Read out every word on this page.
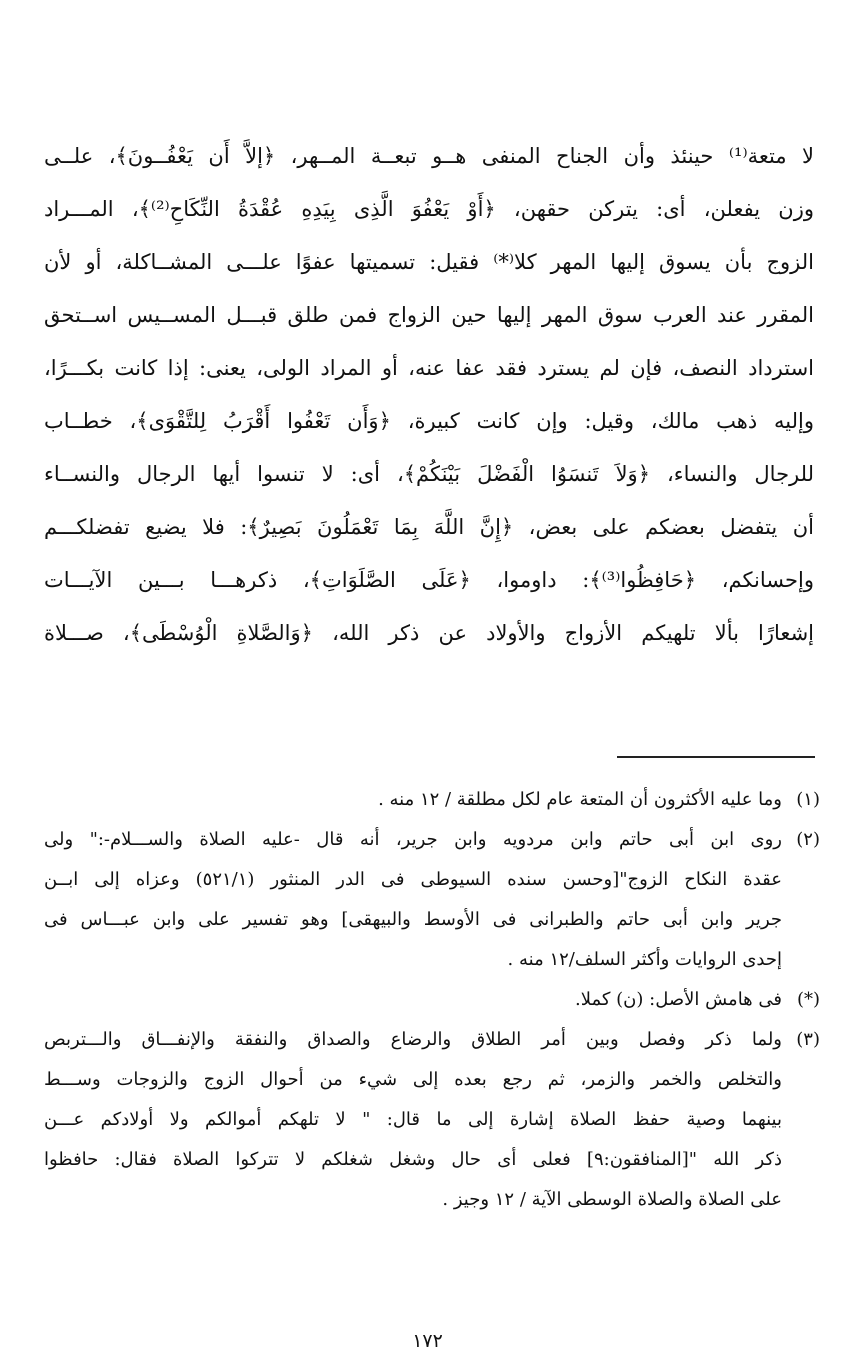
لا متعة⁽¹⁾ حينئذ وأن الجناح المنفى هــو تبعــة المــهر، ﴿إلاَّ أَن يَعْفُــونَ﴾، علــى
وزن يفعلن، أى: يتركن حقهن، ﴿أَوْ يَعْفُوَ الَّذِى بِيَدِهِ عُقْدَةُ النِّكَاحِ⁽²⁾﴾، المـــراد
الزوج بأن يسوق إليها المهر كلا⁽*⁾ فقيل: تسميتها عفوًا علـــى المشــاكلة، أو لأن
المقرر عند العرب سوق المهر إليها حين الزواج فمن طلق قبـــل المســيس اســتحق
استرداد النصف، فإن لم يسترد فقد عفا عنه، أو المراد الولى، يعنى: إذا كانت بكـــرًا،
وإليه ذهب مالك، وقيل: وإن كانت كبيرة، ﴿وَأَن تَعْفُوا أَقْرَبُ لِلتَّقْوَى﴾، خطــاب
للرجال والنساء، ﴿وَلاَ تَنسَوُا الْفَضْلَ بَيْنَكُمْ﴾، أى: لا تنسوا أيها الرجال والنســاء
أن يتفضل بعضكم على بعض، ﴿إِنَّ اللَّهَ بِمَا تَعْمَلُونَ بَصِيرٌ﴾: فلا يضيع تفضلكـــم
وإحسانكم، ﴿حَافِظُوا⁽³⁾﴾: داوموا، ﴿عَلَى الصَّلَوَاتِ﴾، ذكرهـــا بـــين الآيـــات
إشعارًا بألا تلهيكم الأزواج والأولاد عن ذكر الله، ﴿وَالصَّلاةِ الْوُسْطَى﴾، صـــلاة
(١)
وما عليه الأكثرون أن المتعة عام لكل مطلقة / ١٢ منه .
(٢)
روى ابن أبى حاتم وابن مردويه وابن جرير، أنه قال -عليه الصلاة والســـلام-:" ولى
عقدة النكاح الزوج"[وحسن سنده السيوطى فى الدر المنثور (٥٢١/١) وعزاه إلى ابــن
جرير وابن أبى حاتم والطبرانى فى الأوسط والبيهقى] وهو تفسير على وابن عبـــاس فى
إحدى الروايات وأكثر السلف/١٢ منه .
(*)
فى هامش الأصل: (ن) كملا.
(٣)
ولما ذكر وفصل وبين أمر الطلاق والرضاع والصداق والنفقة والإنفـــاق والـــتربص
والتخلص والخمر والزمر، ثم رجع بعده إلى شيء من أحوال الزوج والزوجات وســـط
بينهما وصية حفظ الصلاة إشارة إلى ما قال: " لا تلهكم أموالكم ولا أولادكم عـــن
ذكر الله "[المنافقون:٩] فعلى أى حال وشغل شغلكم لا تتركوا الصلاة فقال: حافظوا
على الصلاة والصلاة الوسطى الآية / ١٢ وجيز .
١٧٢
